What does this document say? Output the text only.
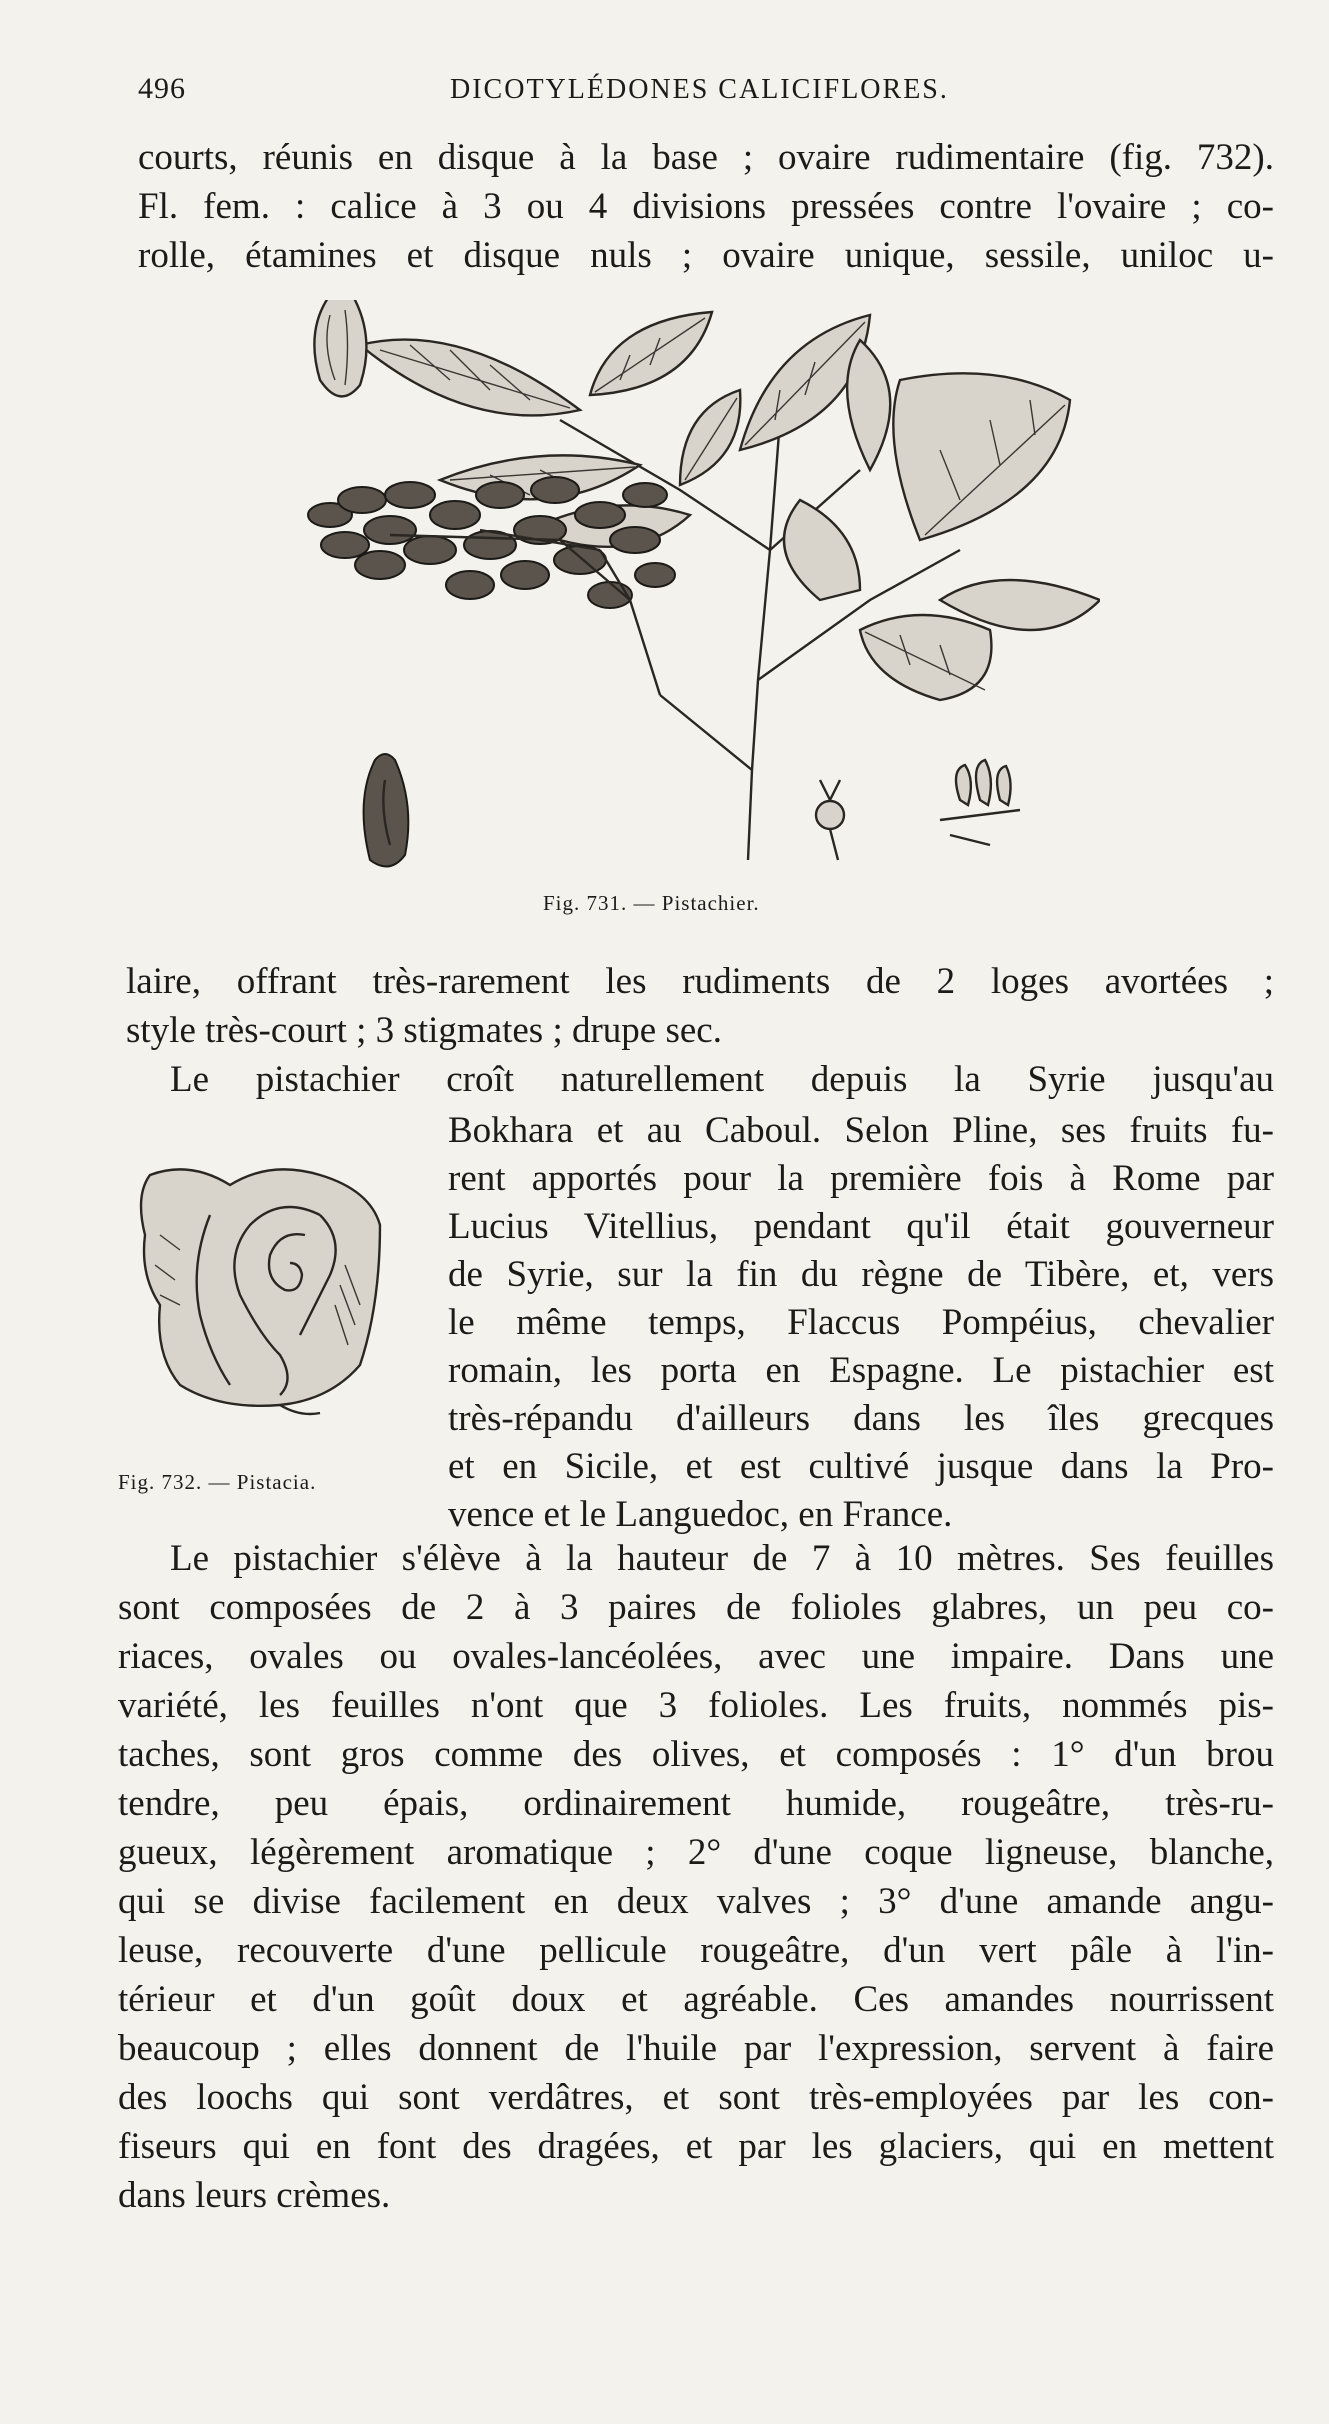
496	DICOTYLÉDONES CALICIFLORES.
courts, réunis en disque à la base ; ovaire rudimentaire (fig. 732).
Fl. fem. : calice à 3 ou 4 divisions pressées contre l'ovaire ; co-
rolle, étamines et disque nuls ; ovaire unique, sessile, uniloc u-
Fig. 731. — Pistachier.
laire, offrant très-rarement les rudiments de 2 loges avortées ;
style très-court ; 3 stigmates ; drupe sec.
Le pistachier croît naturellement depuis la Syrie jusqu'au
Bokhara et au Caboul. Selon Pline, ses fruits fu-
rent apportés pour la première fois à Rome par
Lucius Vitellius, pendant qu'il était gouverneur
de Syrie, sur la fin du règne de Tibère, et, vers
le même temps, Flaccus Pompéius, chevalier
romain, les porta en Espagne. Le pistachier est
très-répandu d'ailleurs dans les îles grecques
et en Sicile, et est cultivé jusque dans la Pro-
vence et le Languedoc, en France.
Fig. 732. — Pistacia.
Le pistachier s'élève à la hauteur de 7 à 10 mètres. Ses feuilles
sont composées de 2 à 3 paires de folioles glabres, un peu co-
riaces, ovales ou ovales-lancéolées, avec une impaire. Dans une
variété, les feuilles n'ont que 3 folioles. Les fruits, nommés pis-
taches, sont gros comme des olives, et composés : 1° d'un brou
tendre, peu épais, ordinairement humide, rougeâtre, très-ru-
gueux, légèrement aromatique ; 2° d'une coque ligneuse, blanche,
qui se divise facilement en deux valves ; 3° d'une amande angu-
leuse, recouverte d'une pellicule rougeâtre, d'un vert pâle à l'in-
térieur et d'un goût doux et agréable. Ces amandes nourrissent
beaucoup ; elles donnent de l'huile par l'expression, servent à faire
des loochs qui sont verdâtres, et sont très-employées par les con-
fiseurs qui en font des dragées, et par les glaciers, qui en mettent
dans leurs crèmes.
